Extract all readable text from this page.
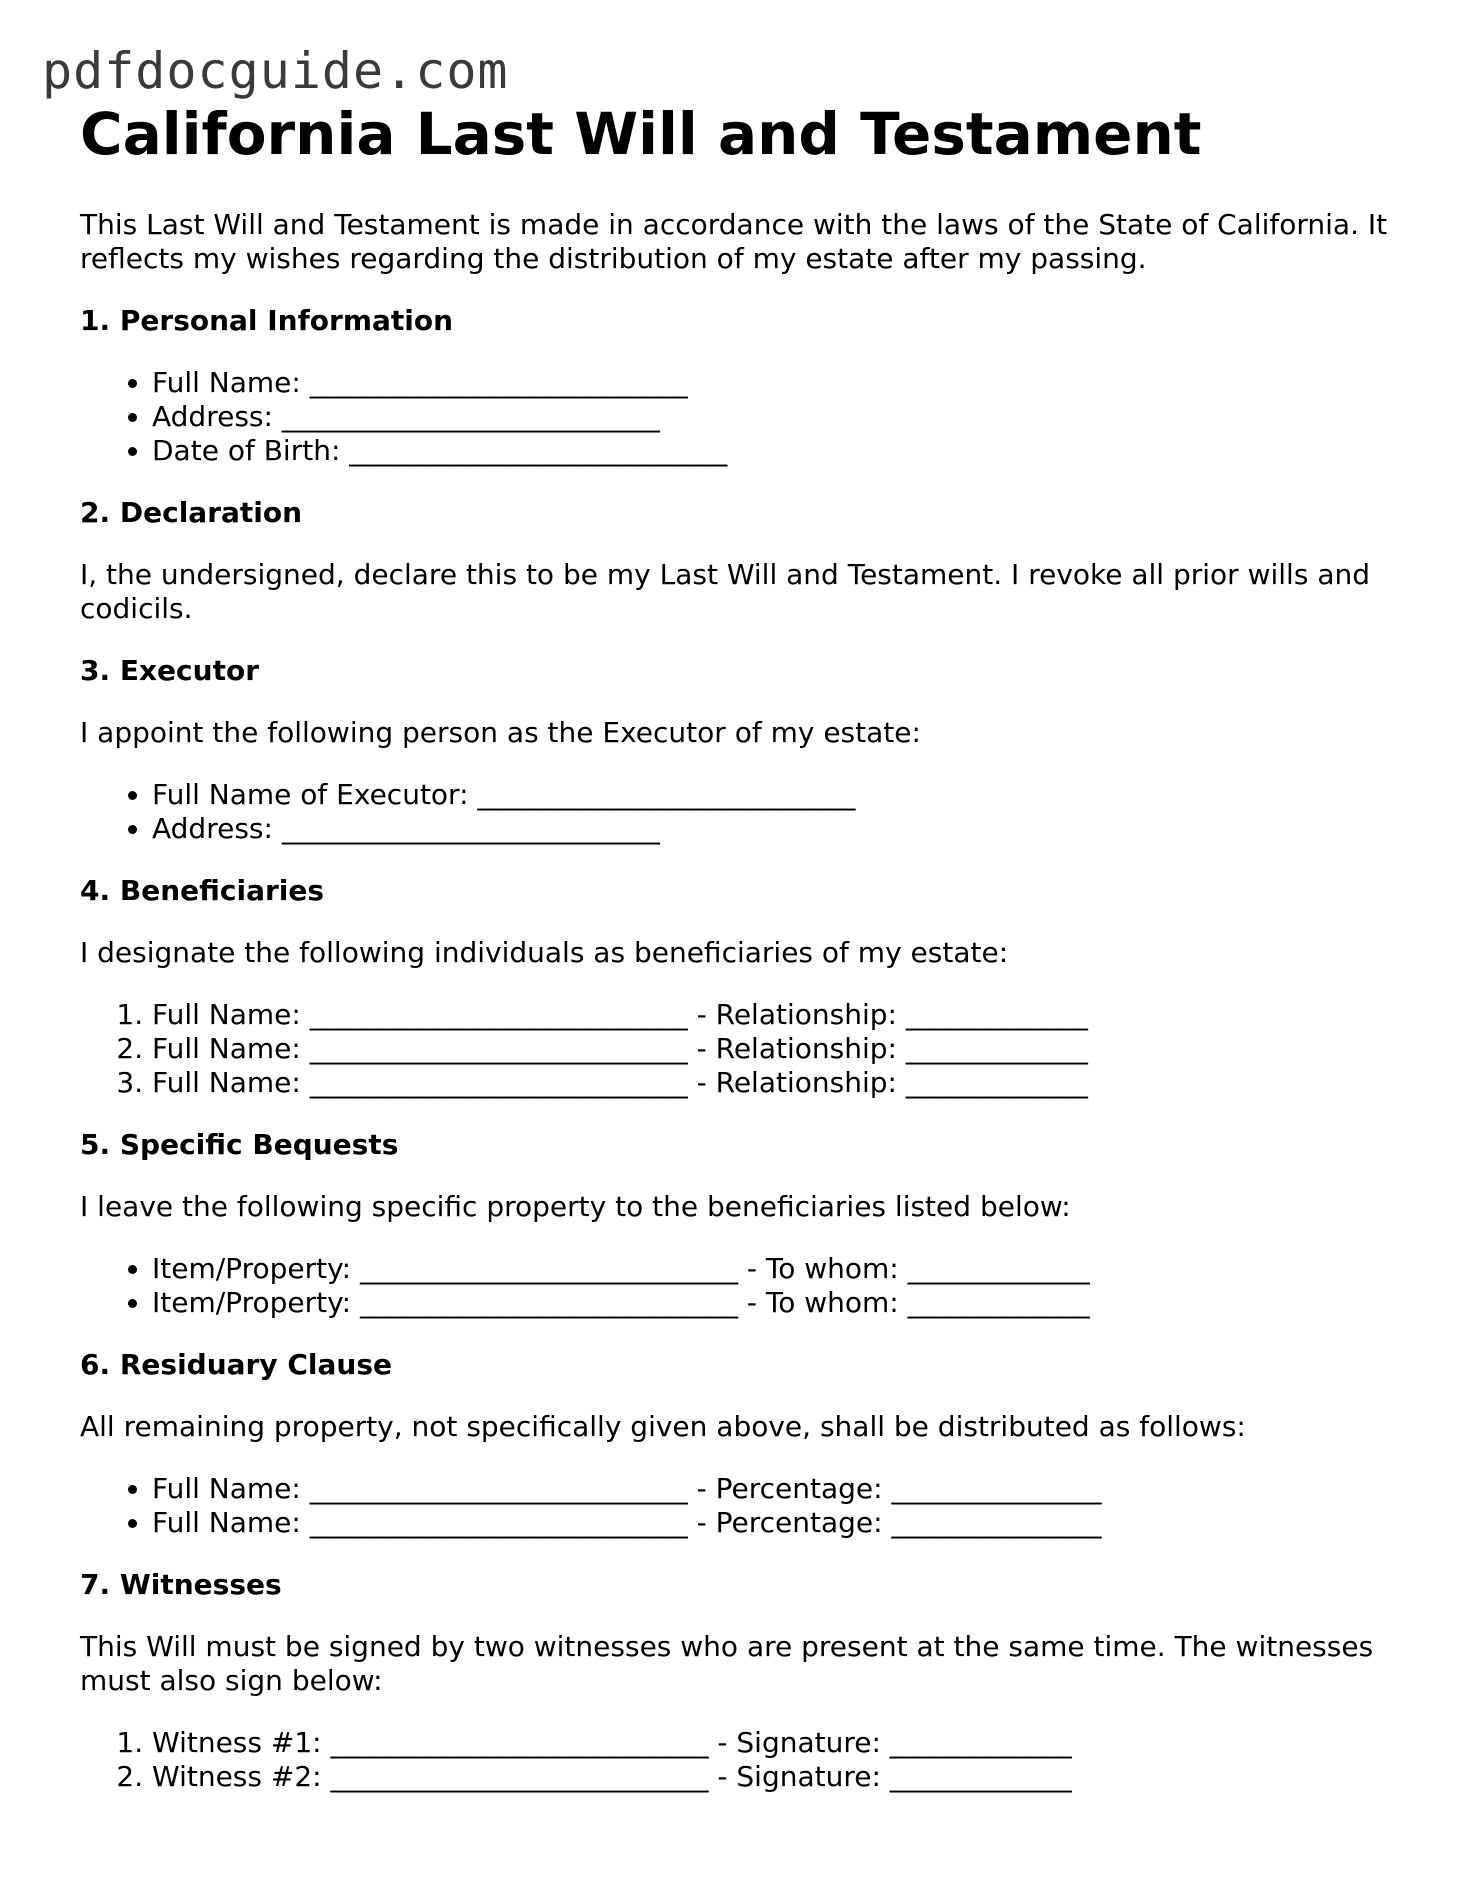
pdfdocguide.com
California Last Will and Testament

This Last Will and Testament is made in accordance with the laws of the State of California. It reflects my wishes regarding the distribution of my estate after my passing.

1. Personal Information
• Full Name: ___________________________
• Address: ___________________________
• Date of Birth: ___________________________
2. Declaration

I, the undersigned, declare this to be my Last Will and Testament. I revoke all prior wills and codicils.

3. Executor

I appoint the following person as the Executor of my estate:

• Full Name of Executor: ___________________________
• Address: ___________________________
4. Beneficiaries

I designate the following individuals as beneficiaries of my estate:

1. Full Name: ___________________________ - Relationship: _____________
2. Full Name: ___________________________ - Relationship: _____________
3. Full Name: ___________________________ - Relationship: _____________
5. Specific Bequests

I leave the following specific property to the beneficiaries listed below:

• Item/Property: ___________________________ - To whom: _____________
• Item/Property: ___________________________ - To whom: _____________
6. Residuary Clause

All remaining property, not specifically given above, shall be distributed as follows:

• Full Name: ___________________________ - Percentage: _______________
• Full Name: ___________________________ - Percentage: _______________
7. Witnesses

This Will must be signed by two witnesses who are present at the same time. The witnesses must also sign below:

1. Witness #1: ___________________________ - Signature: _____________
2. Witness #2: ___________________________ - Signature: _____________
